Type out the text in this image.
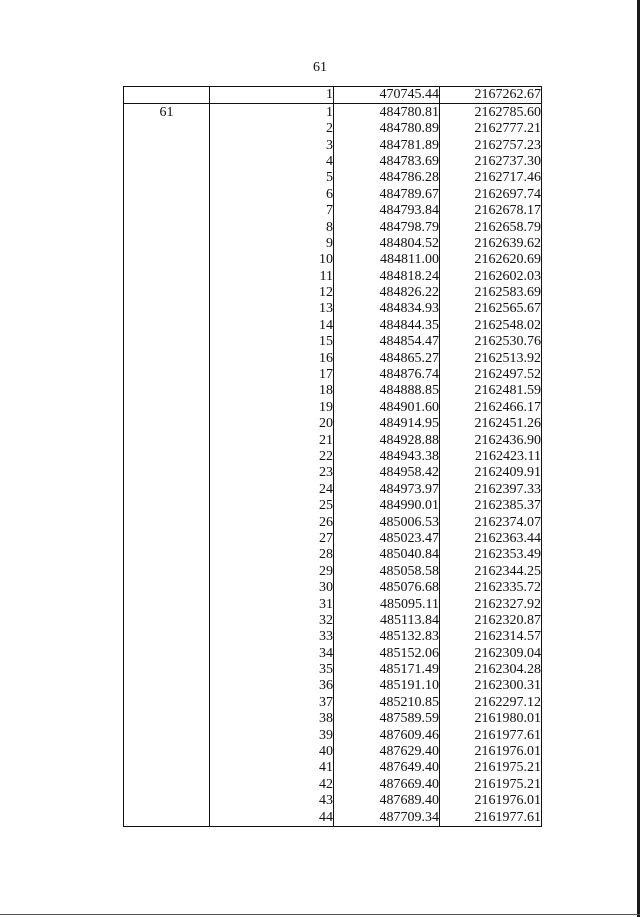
61
	1	470745.44	2167262.67
61	1	484780.81	2162785.60
	2	484780.89	2162777.21
	3	484781.89	2162757.23
	4	484783.69	2162737.30
	5	484786.28	2162717.46
	6	484789.67	2162697.74
	7	484793.84	2162678.17
	8	484798.79	2162658.79
	9	484804.52	2162639.62
	10	484811.00	2162620.69
	11	484818.24	2162602.03
	12	484826.22	2162583.69
	13	484834.93	2162565.67
	14	484844.35	2162548.02
	15	484854.47	2162530.76
	16	484865.27	2162513.92
	17	484876.74	2162497.52
	18	484888.85	2162481.59
	19	484901.60	2162466.17
	20	484914.95	2162451.26
	21	484928.88	2162436.90
	22	484943.38	2162423.11
	23	484958.42	2162409.91
	24	484973.97	2162397.33
	25	484990.01	2162385.37
	26	485006.53	2162374.07
	27	485023.47	2162363.44
	28	485040.84	2162353.49
	29	485058.58	2162344.25
	30	485076.68	2162335.72
	31	485095.11	2162327.92
	32	485113.84	2162320.87
	33	485132.83	2162314.57
	34	485152.06	2162309.04
	35	485171.49	2162304.28
	36	485191.10	2162300.31
	37	485210.85	2162297.12
	38	487589.59	2161980.01
	39	487609.46	2161977.61
	40	487629.40	2161976.01
	41	487649.40	2161975.21
	42	487669.40	2161975.21
	43	487689.40	2161976.01
	44	487709.34	2161977.61
